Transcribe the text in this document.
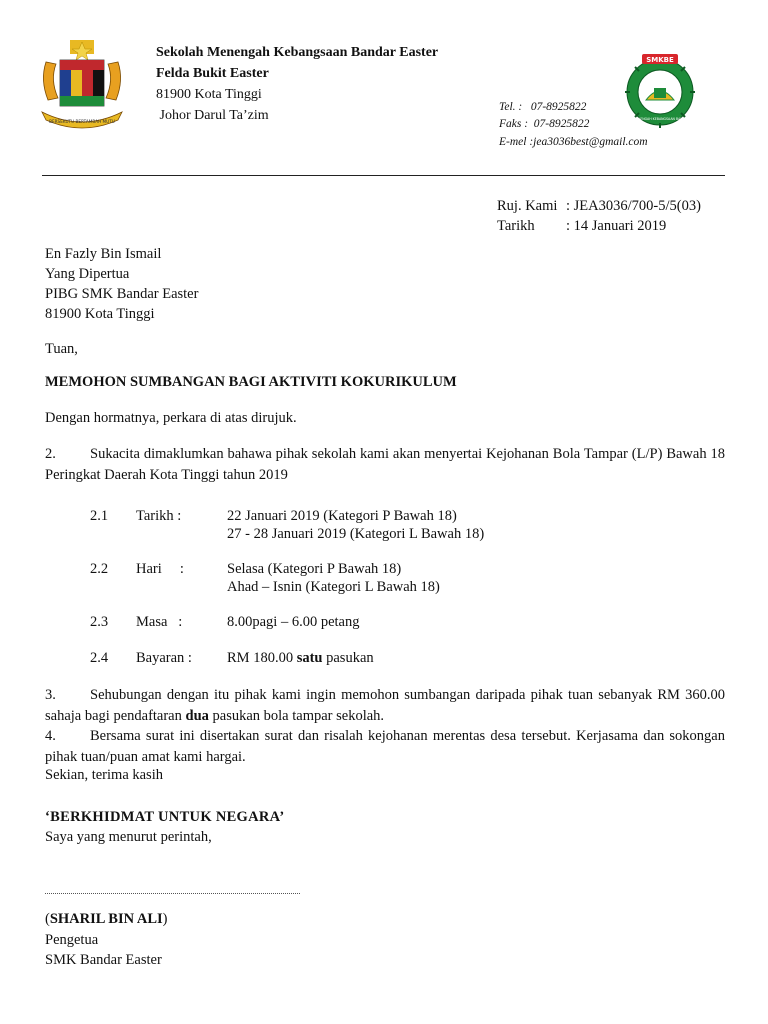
BERSEKUTU BERTAMBAH MUTU
Sekolah Menengah Kebangsaan Bandar Easter
Felda Bukit Easter
81900 Kota Tinggi
Johor Darul Ta’zim
Tel. :   07-8925822
Faks :  07-8925822
E-mel :jea3036best@gmail.com
SMKBE
SEKOLAH MENENGAH KEBANGSAAN BANDAR EASTER
Ruj. Kami : JEA3036/700-5/5(03)
Tarikh : 14 Januari 2019
En Fazly Bin Ismail
Yang Dipertua
PIBG SMK Bandar Easter
81900 Kota Tinggi
Tuan,
MEMOHON SUMBANGAN BAGI AKTIVITI KOKURIKULUM
Dengan hormatnya, perkara di atas dirujuk.
2. Sukacita dimaklumkan bahawa pihak sekolah kami akan menyertai Kejohanan Bola Tampar (L/P) Bawah 18 Peringkat Daerah Kota Tinggi tahun 2019
2.1 Tarikh :	22 Januari 2019 (Kategori P Bawah 18)
27 - 28 Januari 2019 (Kategori L Bawah 18)
2.2 Hari     :	Selasa (Kategori P Bawah 18)
Ahad – Isnin (Kategori L Bawah 18)
2.3 Masa   :	8.00pagi – 6.00 petang
2.4 Bayaran : RM 180.00 satu pasukan
3. Sehubungan dengan itu pihak kami ingin memohon sumbangan daripada pihak tuan sebanyak RM 360.00 sahaja bagi pendaftaran dua pasukan bola tampar sekolah.
4. Bersama surat ini disertakan surat dan risalah kejohanan merentas desa tersebut. Kerjasama dan sokongan pihak tuan/puan amat kami hargai.
Sekian, terima kasih
‘BERKHIDMAT UNTUK NEGARA’
Saya yang menurut perintah,
(SHARIL BIN ALI)
Pengetua
SMK Bandar Easter
